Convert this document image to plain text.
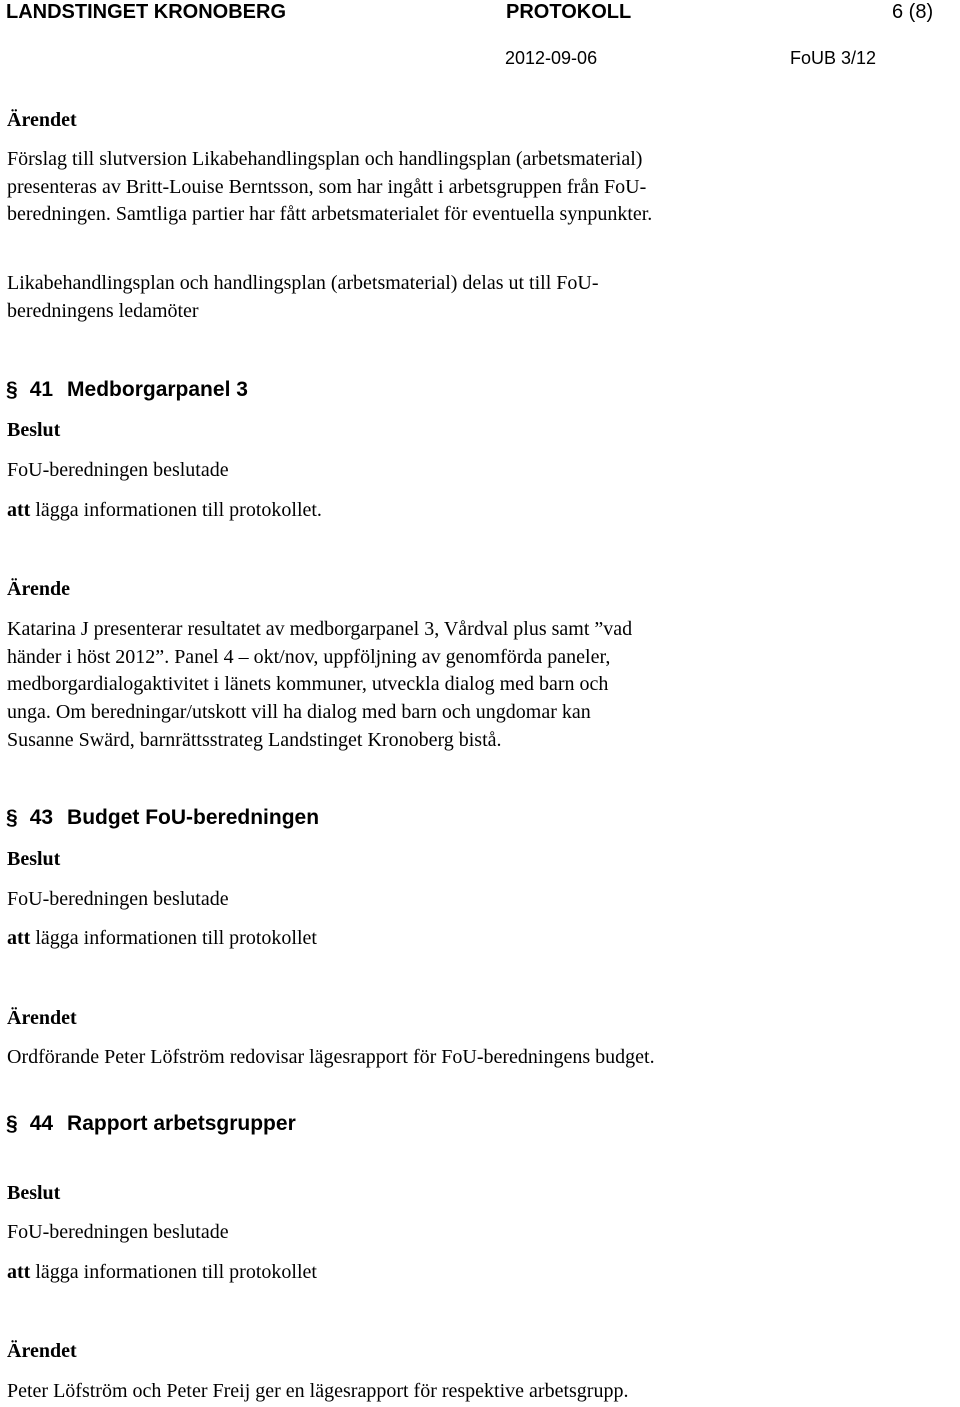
LANDSTINGET KRONOBERG	PROTOKOLL	6 (8)
2012-09-06	FoUB 3/12
Ärendet
Förslag till slutversion Likabehandlingsplan och handlingsplan (arbetsmaterial)
presenteras av Britt-Louise Berntsson, som har ingått i arbetsgruppen från FoU-
beredningen. Samtliga partier har fått arbetsmaterialet för eventuella synpunkter.
Likabehandlingsplan och handlingsplan (arbetsmaterial) delas ut till FoU-
beredningens ledamöter
§ 41 Medborgarpanel 3
Beslut
FoU-beredningen beslutade
att lägga informationen till protokollet.
Ärende
Katarina J presenterar resultatet av medborgarpanel 3, Vårdval plus samt ”vad
händer i höst 2012”. Panel 4 – okt/nov, uppföljning av genomförda paneler,
medborgardialogaktivitet i länets kommuner, utveckla dialog med barn och
unga. Om beredningar/utskott vill ha dialog med barn och ungdomar kan
Susanne Swärd, barnrättsstrateg Landstinget Kronoberg bistå.
§ 43 Budget FoU-beredningen
Beslut
FoU-beredningen beslutade
att lägga informationen till protokollet
Ärendet
Ordförande Peter Löfström redovisar lägesrapport för FoU-beredningens budget.
§ 44 Rapport arbetsgrupper
Beslut
FoU-beredningen beslutade
att lägga informationen till protokollet
Ärendet
Peter Löfström och Peter Freij ger en lägesrapport för respektive arbetsgrupp.
